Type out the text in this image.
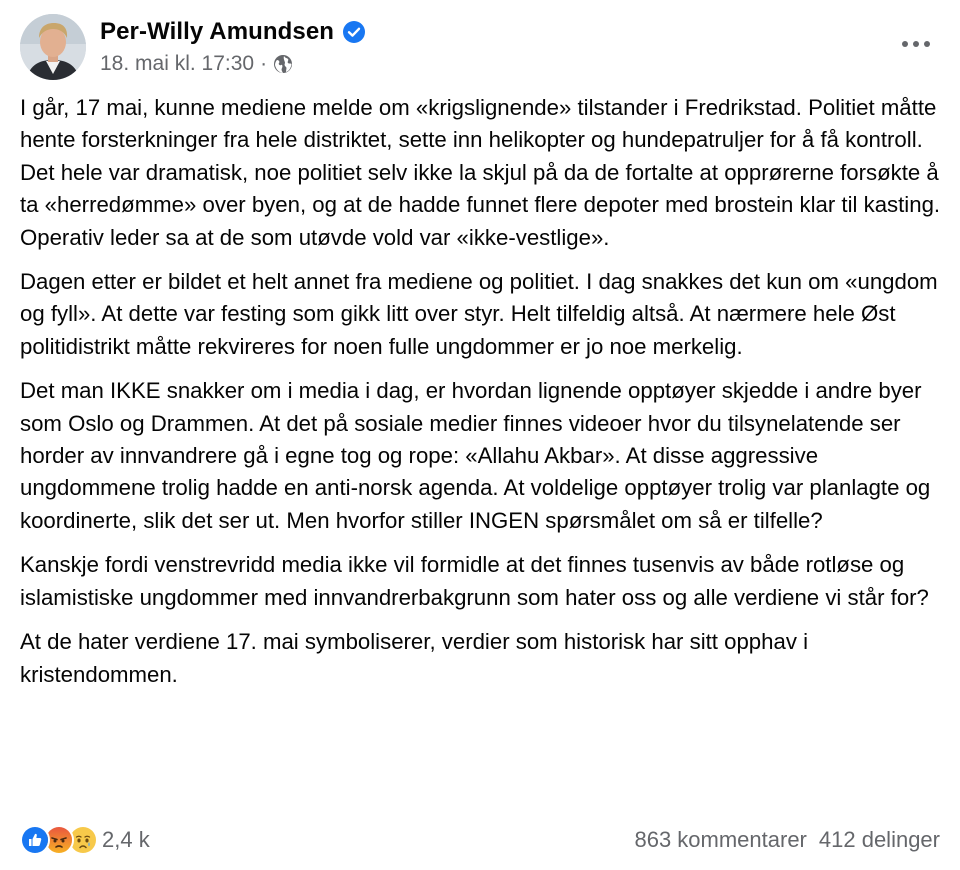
Per-Willy Amundsen
18. mai kl. 17:30 ·

I går, 17 mai, kunne mediene melde om «krigslignende» tilstander i Fredrikstad. Politiet måtte hente forsterkninger fra hele distriktet, sette inn helikopter og hundepatruljer for å få kontroll. Det hele var dramatisk, noe politiet selv ikke la skjul på da de fortalte at opprørerne forsøkte å ta «herredømme» over byen, og at de hadde funnet flere depoter med brostein klar til kasting. Operativ leder sa at de som utøvde vold var «ikke-vestlige».

Dagen etter er bildet et helt annet fra mediene og politiet. I dag snakkes det kun om «ungdom og fyll». At dette var festing som gikk litt over styr. Helt tilfeldig altså. At nærmere hele Øst politidistrikt måtte rekvireres for noen fulle ungdommer er jo noe merkelig.

Det man IKKE snakker om i media i dag, er hvordan lignende opptøyer skjedde i andre byer som Oslo og Drammen. At det på sosiale medier finnes videoer hvor du tilsynelatende ser horder av innvandrere gå i egne tog og rope: «Allahu Akbar». At disse aggressive ungdommene trolig hadde en anti-norsk agenda. At voldelige opptøyer trolig var planlagte og koordinerte, slik det ser ut. Men hvorfor stiller INGEN spørsmålet om så er tilfelle?

Kanskje fordi venstrevridd media ikke vil formidle at det finnes tusenvis av både rotløse og islamistiske ungdommer med innvandrerbakgrunn som hater oss og alle verdiene vi står for?

At de hater verdiene 17. mai symboliserer, verdier som historisk har sitt opphav i kristendommen.

2,4 k	863 kommentarer 412 delinger
